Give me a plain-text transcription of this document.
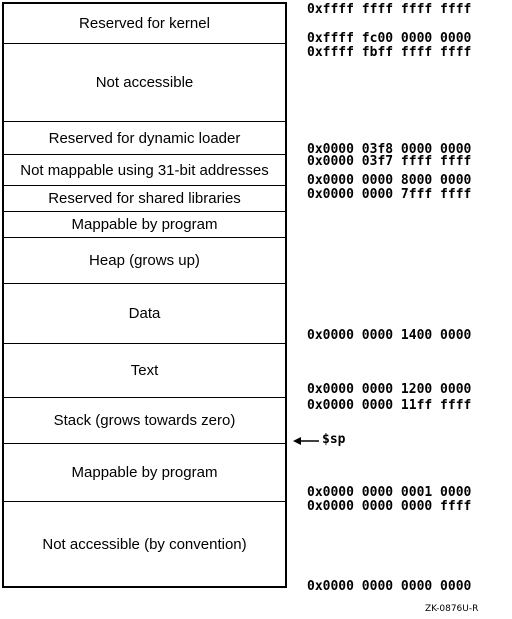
Reserved for kernel
Not accessible
Reserved for dynamic loader
Not mappable using 31-bit addresses
Reserved for shared libraries
Mappable by program
Heap (grows up)
Data
Text
Stack (grows towards zero)
Mappable by program
Not accessible (by convention)
0xffff ffff ffff ffff
0xffff fc00 0000 0000
0xffff fbff ffff ffff
0x0000 03f8 0000 0000
0x0000 03f7 ffff ffff
0x0000 0000 8000 0000
0x0000 0000 7fff ffff
0x0000 0000 1400 0000
0x0000 0000 1200 0000
0x0000 0000 11ff ffff
0x0000 0000 0001 0000
0x0000 0000 0000 ffff
0x0000 0000 0000 0000
$sp
ZK-0876U-R
